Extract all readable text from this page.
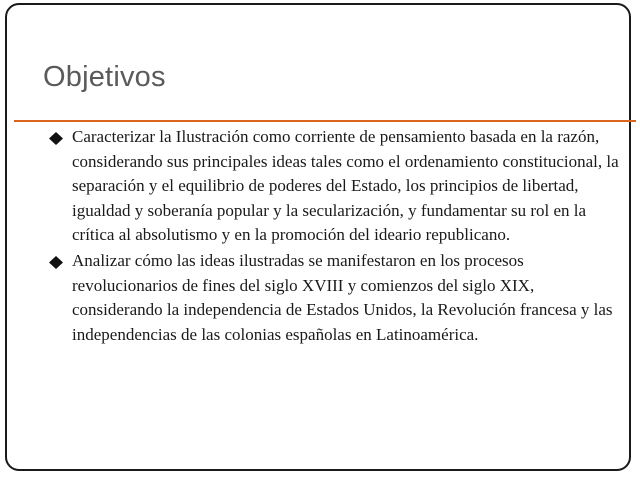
Objetivos
Caracterizar la Ilustración como corriente de pensamiento basada en la razón, considerando sus principales ideas tales como el ordenamiento constitucional, la separación y el equilibrio de poderes del Estado, los principios de libertad, igualdad y soberanía popular y la secularización, y fundamentar su rol en la crítica al absolutismo y en la promoción del ideario republicano.
Analizar cómo las ideas ilustradas se manifestaron en los procesos revolucionarios de fines del siglo XVIII y comienzos del siglo XIX, considerando la independencia de Estados Unidos, la Revolución francesa y las independencias de las colonias españolas en Latinoamérica.
